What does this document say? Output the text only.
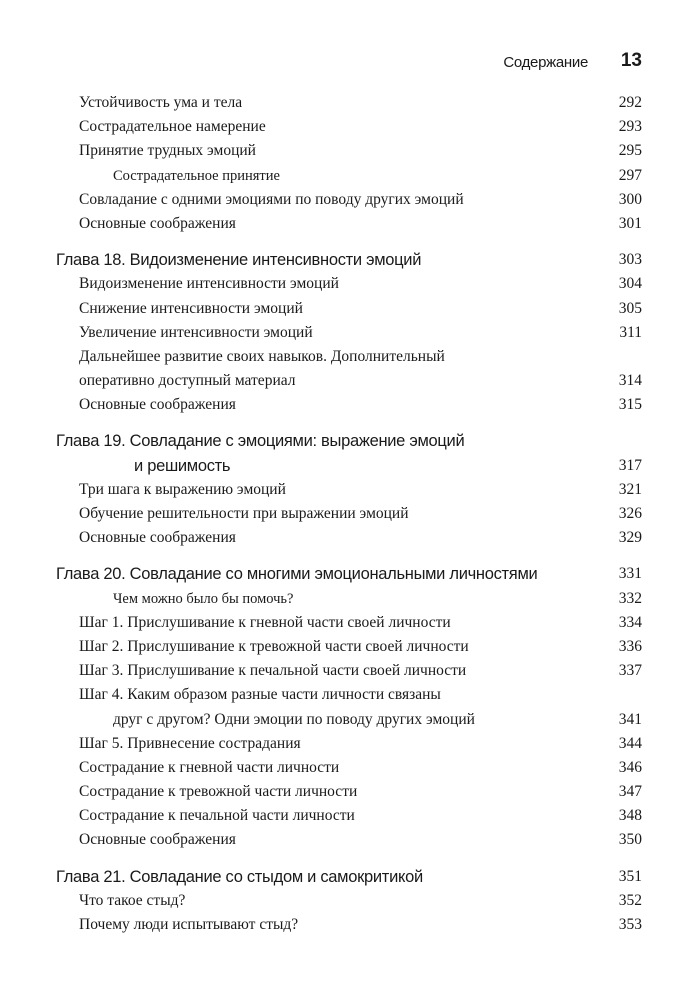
Содержание 13
Устойчивость ума и тела	292
Сострадательное намерение	293
Принятие трудных эмоций	295
Сострадательное принятие	297
Совладание с одними эмоциями по поводу других эмоций	300
Основные соображения	301
Глава 18. Видоизменение интенсивности эмоций	303
Видоизменение интенсивности эмоций	304
Снижение интенсивности эмоций	305
Увеличение интенсивности эмоций	311
Дальнейшее развитие своих навыков. Дополнительный
оперативно доступный материал	314
Основные соображения	315
Глава 19. Совладание с эмоциями: выражение эмоций
и решимость	317
Три шага к выражению эмоций	321
Обучение решительности при выражении эмоций	326
Основные соображения	329
Глава 20. Совладание со многими эмоциональными личностями	331
Чем можно было бы помочь?	332
Шаг 1. Прислушивание к гневной части своей личности	334
Шаг 2. Прислушивание к тревожной части своей личности	336
Шаг 3. Прислушивание к печальной части своей личности	337
Шаг 4. Каким образом разные части личности связаны
друг с другом? Одни эмоции по поводу других эмоций	341
Шаг 5. Привнесение сострадания	344
Сострадание к гневной части личности	346
Сострадание к тревожной части личности	347
Сострадание к печальной части личности	348
Основные соображения	350
Глава 21. Совладание со стыдом и самокритикой	351
Что такое стыд?	352
Почему люди испытывают стыд?	353
